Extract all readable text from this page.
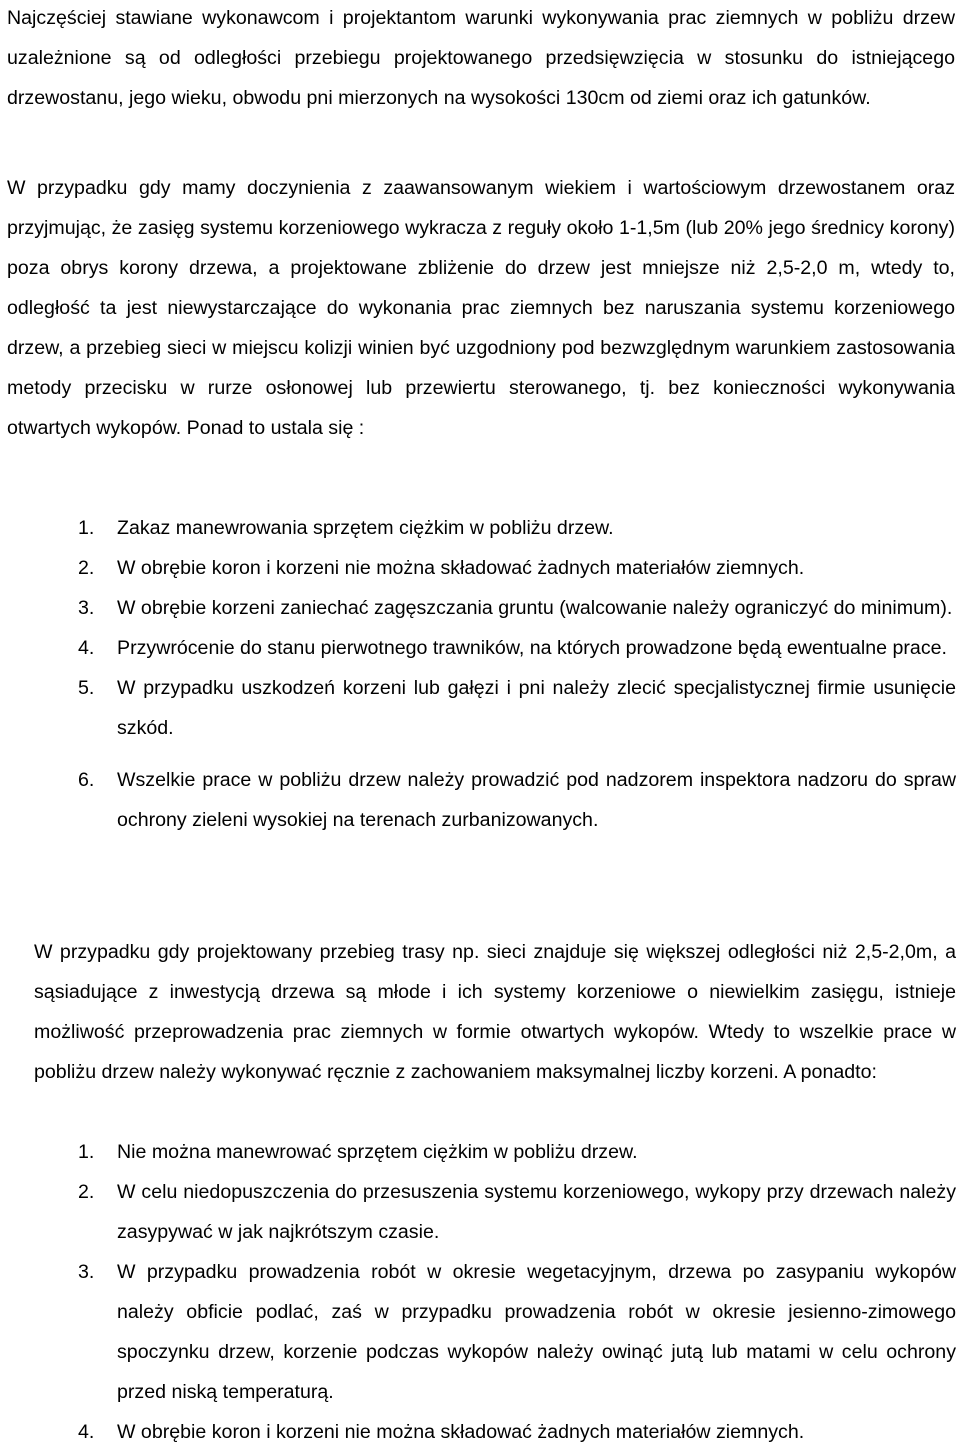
Najczęściej stawiane wykonawcom i projektantom warunki wykonywania prac ziemnych w pobliżu drzew uzależnione są od odległości przebiegu projektowanego przedsięwzięcia w stosunku do istniejącego drzewostanu, jego wieku, obwodu pni mierzonych na wysokości 130cm od ziemi oraz ich gatunków.

W przypadku gdy mamy doczynienia z zaawansowanym wiekiem i wartościowym drzewostanem oraz przyjmując, że zasięg systemu korzeniowego wykracza z reguły około 1-1,5m (lub 20% jego średnicy korony) poza obrys korony drzewa, a projektowane zbliżenie do drzew jest mniejsze niż 2,5-2,0 m, wtedy to, odległość ta jest niewystarczające do wykonania prac ziemnych bez naruszania systemu korzeniowego drzew, a przebieg sieci w miejscu kolizji winien być uzgodniony pod bezwzględnym warunkiem zastosowania metody przecisku w rurze osłonowej lub przewiertu sterowanego, tj. bez konieczności wykonywania otwartych wykopów. Ponad to ustala się :

1. Zakaz manewrowania sprzętem ciężkim w pobliżu drzew.
2. W obrębie koron i korzeni nie można składować żadnych materiałów ziemnych.
3. W obrębie korzeni zaniechać zagęszczania gruntu (walcowanie należy ograniczyć do minimum).
4. Przywrócenie do stanu pierwotnego trawników, na których prowadzone będą ewentualne prace.
5. W przypadku uszkodzeń korzeni lub gałęzi i pni należy zlecić specjalistycznej firmie usunięcie szkód.
6. Wszelkie prace w pobliżu drzew należy prowadzić pod nadzorem inspektora nadzoru do spraw ochrony zieleni wysokiej na terenach zurbanizowanych.

W przypadku gdy projektowany przebieg trasy np. sieci znajduje się większej odległości niż 2,5-2,0m, a sąsiadujące z inwestycją drzewa są młode i ich systemy korzeniowe o niewielkim zasięgu, istnieje możliwość przeprowadzenia prac ziemnych w formie otwartych wykopów. Wtedy to wszelkie prace w pobliżu drzew należy wykonywać ręcznie z zachowaniem maksymalnej liczby korzeni. A ponadto:

1. Nie można manewrować sprzętem ciężkim w pobliżu drzew.
2. W celu niedopuszczenia do przesuszenia systemu korzeniowego, wykopy przy drzewach należy zasypywać w jak najkrótszym czasie.
3. W przypadku prowadzenia robót w okresie wegetacyjnym, drzewa po zasypaniu wykopów należy obficie podlać, zaś w przypadku prowadzenia robót w okresie jesienno-zimowego spoczynku drzew, korzenie podczas wykopów należy owinąć jutą lub matami w celu ochrony przed niską temperaturą.
4. W obrębie koron i korzeni nie można składować żadnych materiałów ziemnych.
